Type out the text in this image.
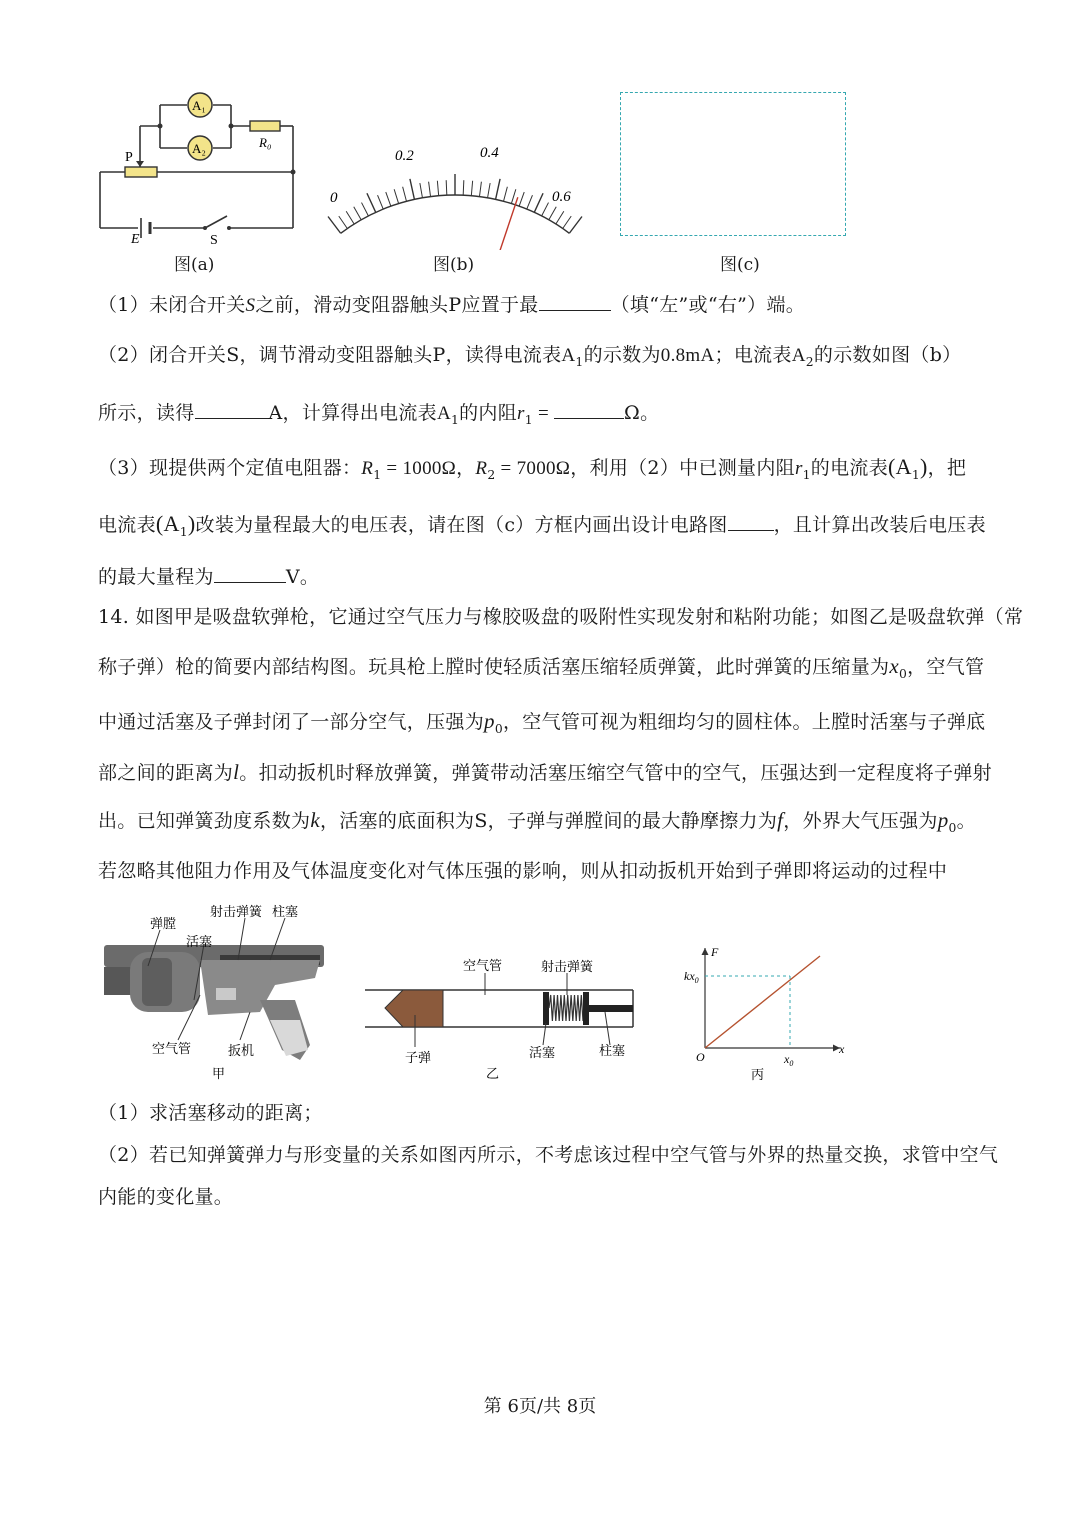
A₁
A₂	R₀
P
E	S
图(a)
0
0.2	0.4
0.6
图(b)	图(c)
（1）未闭合开关S之前，滑动变阻器触头P应置于最	（填“左”或“右”）端。
（2）闭合开关S，调节滑动变阻器触头P，读得电流表$A_1$的示数为0.8mA；电流表$A_2$的示数如图（b）
所示，读得	A，计算得出电流表$A_1$的内阻$r_1$ =	Ω。
（3）现提供两个定值电阻器：$R_1 = 1000\Omega$，$R_2 = 7000\Omega$，利用（2）中已测量内阻$r_1$的电流表$(A_1)$，把
电流表$(A_1)$改装为量程最大的电压表，请在图（c）方框内画出设计电路图 ，且计算出改装后电压表
的最大量程为	V。
14. 如图甲是吸盘软弹枪，它通过空气压力与橡胶吸盘的吸附性实现发射和粘附功能；如图乙是吸盘软弹（常
称子弹）枪的简要内部结构图。玩具枪上膛时使轻质活塞压缩轻质弹簧，此时弹簧的压缩量为$x_0$，空气管
中通过活塞及子弹封闭了一部分空气，压强为$p_0$，空气管可视为粗细均匀的圆柱体。上膛时活塞与子弹底
部之间的距离为l。扣动扳机时释放弹簧，弹簧带动活塞压缩空气管中的空气，压强达到一定程度将子弹射
出。已知弹簧劲度系数为k，活塞的底面积为S，子弹与弹膛间的最大静摩擦力为f，外界大气压强为$p_0$。
若忽略其他阻力作用及气体温度变化对气体压强的影响，则从扣动扳机开始到子弹即将运动的过程中
弹膛
射击弹簧 柱塞
活塞
空气管	扳机
甲
空气管	射击弹簧
子弹	活塞	柱塞
乙
F
$kx_0$
O	$x_0$
x
丙
（1）求活塞移动的距离；
（2）若已知弹簧弹力与形变量的关系如图丙所示，不考虑该过程中空气管与外界的热量交换，求管中空气
内能的变化量。
第 6页/共 8页
